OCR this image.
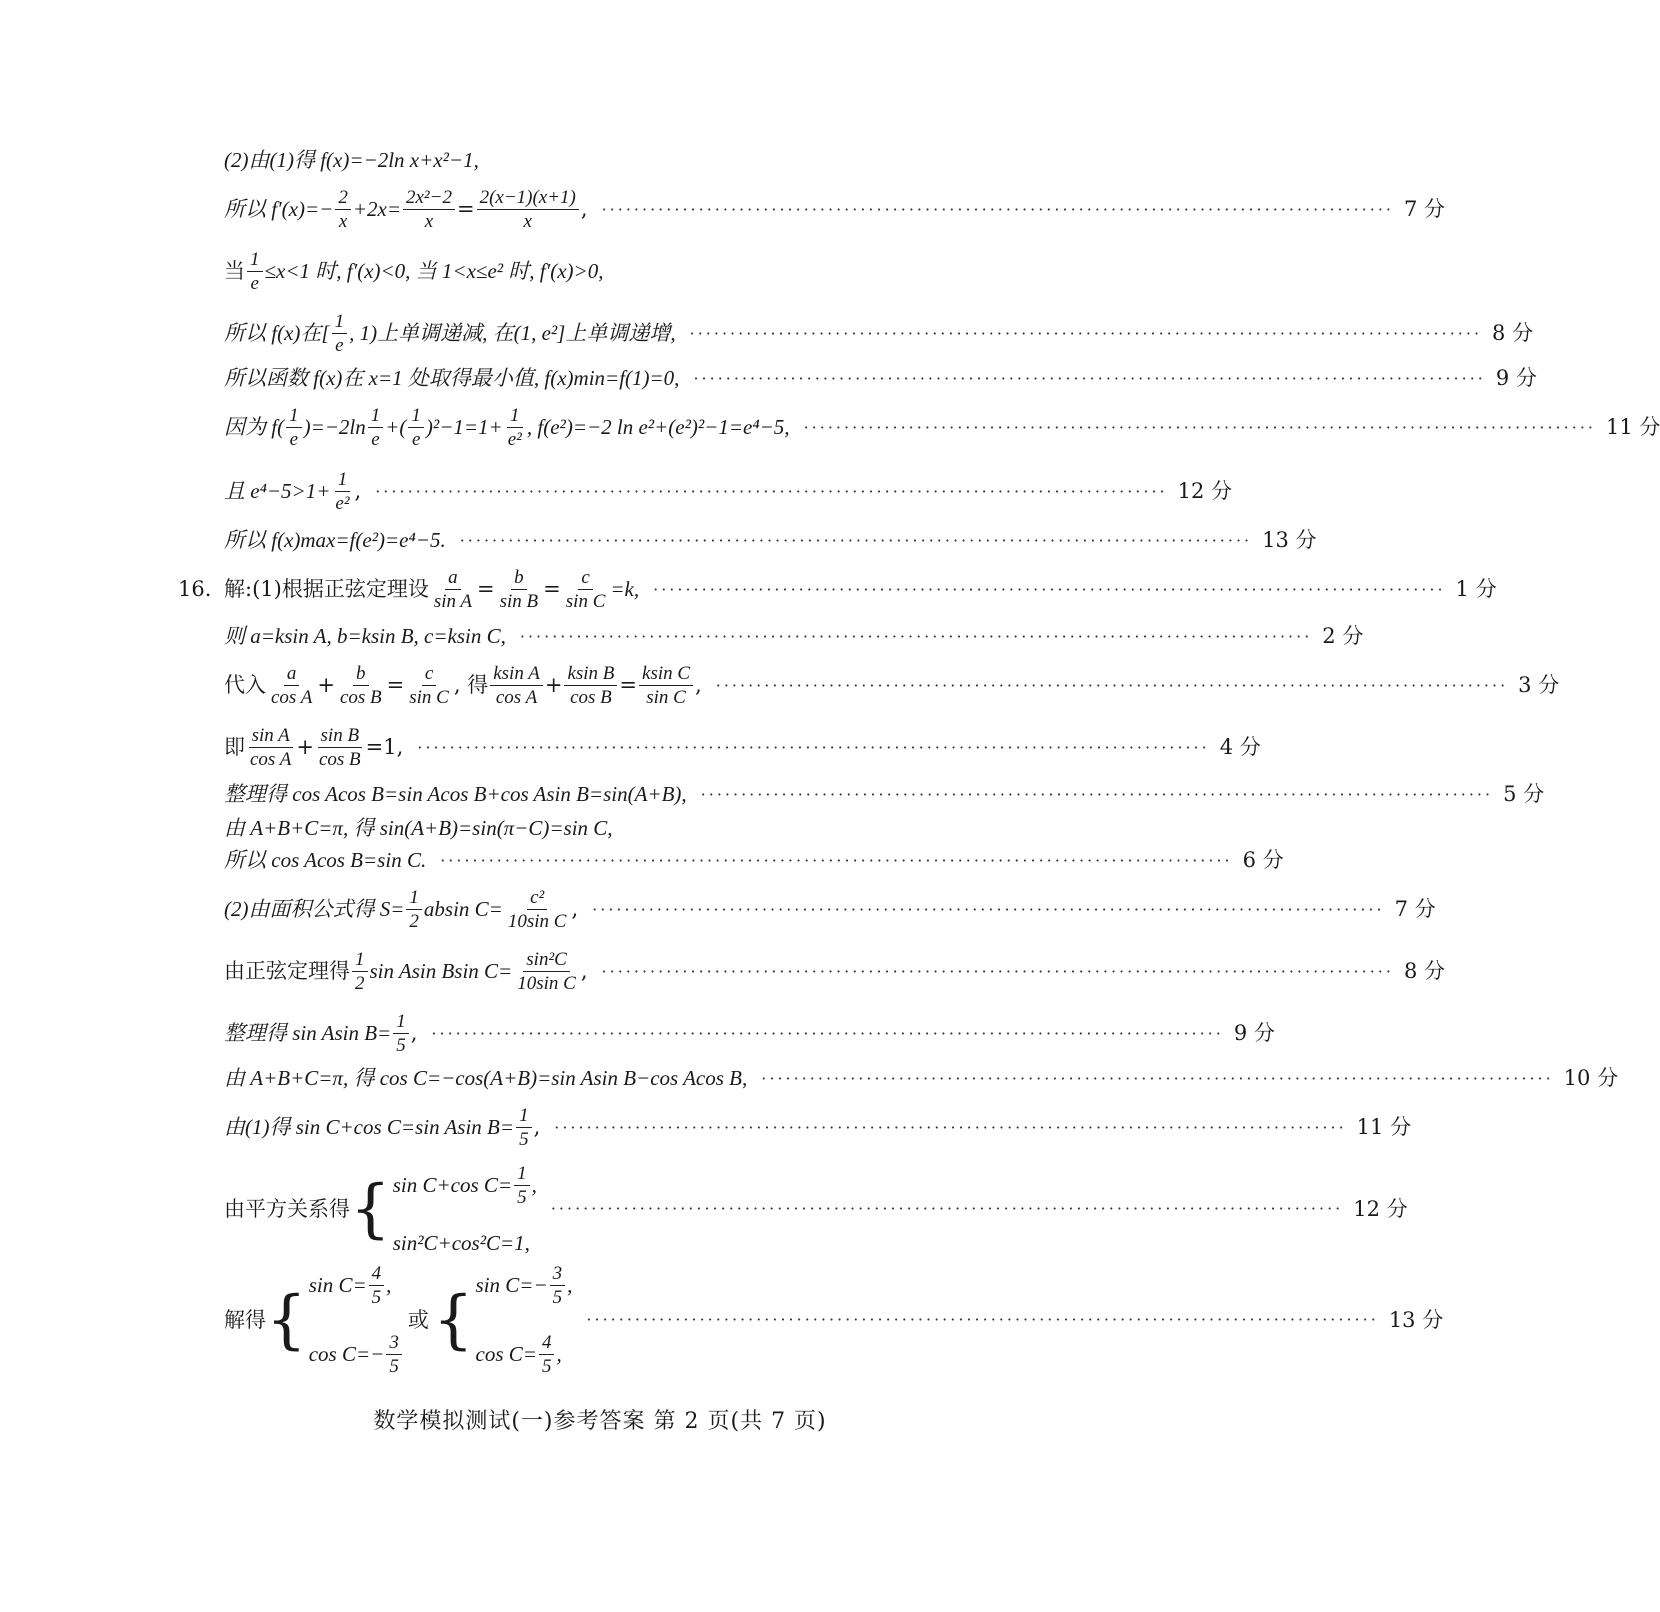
(2)由(1)得 f(x)=−2ln x+x²−1,
所以 $f'(x)=- \frac{2}{x} +2x= \frac{\text{2x²−2}}{x} = \frac{2(x-1)(x+1)}{x}$ , ·································································································· 7 分
当 $\frac{1}{e} \le x<1$ 时, f′(x)<0, 当 1<x≤e² 时, f′(x)>0,
所以 f(x)在[ $\frac{1}{e}$ , 1)上单调递减, 在(1, e²]上单调递增, ·································································································· 8 分
所以函数 f(x)在 x=1 处取得最小值, f(x)min=f(1)=0, ·································································································· 9 分
因为 $f( \frac{1}{e} )=-2\ln \frac{1}{e}$ +( $\frac{1}{e} )^2-1=1+ \frac{1}{\text{e²}}$ , f(e²)=−2 ln e²+(e²)²−1=e⁴−5, ·································································································· 11 分
且 $e^4-5>1+ \frac{1}{\text{e²}}$ , ·································································································· 12 分
所以 f(x)max=f(e²)=e⁴−5. ·································································································· 13 分
16. 解:(1)根据正弦定理设 $\frac{a}{\text{sin A}} = \frac{b}{\text{sin B}} = \frac{c}{\text{sin C}} =k$, ·································································································· 1 分
则 a=ksin A, b=ksin B, c=ksin C, ·································································································· 2 分
代入 $\frac{a}{\text{cos A}} + \frac{b}{\text{cos B}} = \frac{c}{\text{sin C}}$ , 得 $\frac{\text{ksin A}}{\text{cos A}} + \frac{\text{ksin B}}{\text{cos B}} = \frac{\text{ksin C}}{\text{sin C}}$ , ·································································································· 3 分
即 $\frac{\text{sin A}}{\text{cos A}} + \frac{\text{sin B}}{\text{cos B}} =1$, ·································································································· 4 分
整理得 cos Acos B=sin Acos B+cos Asin B=sin(A+B), ·································································································· 5 分
由 A+B+C=π, 得 sin(A+B)=sin(π−C)=sin C,
所以 cos Acos B=sin C. ·································································································· 6 分
(2)由面积公式得 $S= \frac{1}{2}$ absin $C= \frac{\text{c²}}{\text{10sin C}}$ , ·································································································· 7 分
由正弦定理得 $\frac{1}{2}$ sin Asin Bsin $C= \frac{\text{sin²C}}{\text{10sin C}}$ , ·································································································· 8 分
整理得 sin Asin $B= \frac{1}{5}$ , ·································································································· 9 分
由 A+B+C=π, 得 cos C=−cos(A+B)=sin Asin B−cos Acos B, ·································································································· 10 分
由(1)得 sin C+cos C=sin Asin $B= \frac{1}{5}$ , ·································································································· 11 分
由平方关系得 { sin C+cos $C= \frac{1}{5}$ ,
sin²C+cos²C=1,
·································································································· 12 分
解得 { $\sin C= \frac{4}{5}$ ,
$\cos C=- \frac{3}{5}$
或 { $\sin C=- \frac{3}{5}$ ,
$\cos C= \frac{4}{5}$ ,
·································································································· 13 分
数学模拟测试(一)参考答案 第 2 页(共 7 页)
